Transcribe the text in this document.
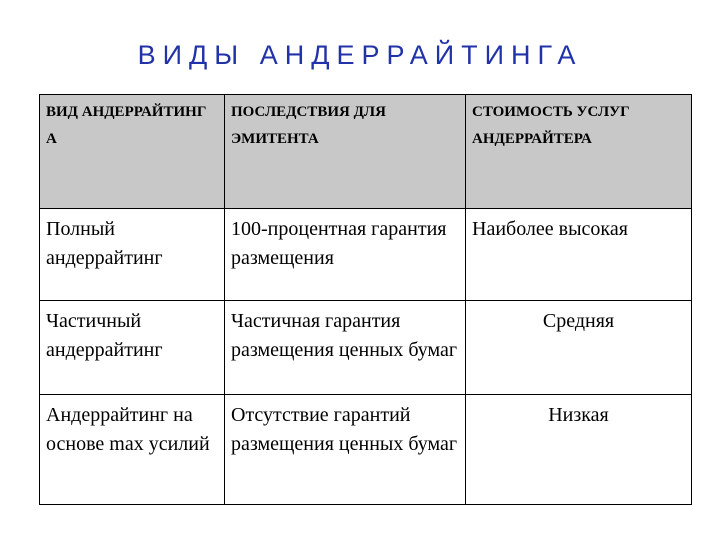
ВИДЫ АНДЕРРАЙТИНГА
ВИД АНДЕРРАЙТИНГ А	ПОСЛЕДСТВИЯ ДЛЯ ЭМИТЕНТА	СТОИМОСТЬ УСЛУГ АНДЕРРАЙТЕРА
Полный андеррайтинг	100-процентная гарантия размещения	Наиболее высокая
Частичный андеррайтинг	Частичная гарантия размещения ценных бумаг	Средняя
Андеррайтинг на основе max усилий	Отсутствие гарантий размещения ценных бумаг	Низкая
